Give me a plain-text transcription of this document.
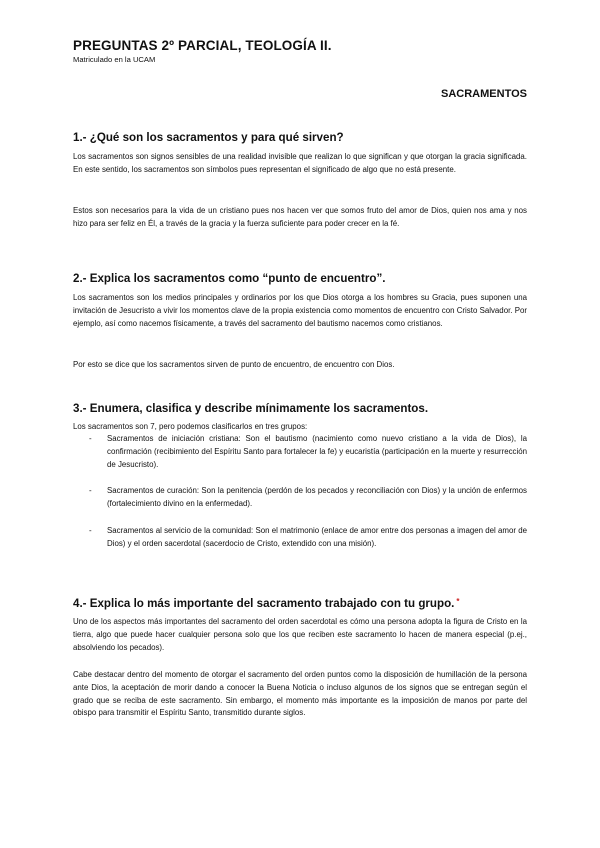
PREGUNTAS 2º PARCIAL, TEOLOGÍA II.
Matriculado en la UCAM
SACRAMENTOS
1.- ¿Qué son los sacramentos y para qué sirven?
Los sacramentos son signos sensibles de una realidad invisible que realizan lo que significan y que otorgan la gracia significada. En este sentido, los sacramentos son símbolos pues representan el significado de algo que no está presente.
Estos son necesarios para la vida de un cristiano pues nos hacen ver que somos fruto del amor de Dios, quien nos ama y nos hizo para ser feliz en Él, a través de la gracia y la fuerza suficiente para poder crecer en la fé.
2.- Explica los sacramentos como “punto de encuentro”.
Los sacramentos son los medios principales y ordinarios por los que Dios otorga a los hombres su Gracia, pues suponen una invitación de Jesucristo a vivir los momentos clave de la propia existencia como momentos de encuentro con Cristo Salvador. Por ejemplo, así como nacemos físicamente, a través del sacramento del bautismo nacemos como cristianos.
Por esto se dice que los sacramentos sirven de punto de encuentro, de encuentro con Dios.
3.- Enumera, clasifica y describe mínimamente los sacramentos.
Los sacramentos son 7, pero podemos clasificarlos en tres grupos:
- Sacramentos de iniciación cristiana: Son el bautismo (nacimiento como nuevo cristiano a la vida de Dios), la confirmación (recibimiento del Espíritu Santo para fortalecer la fe) y eucaristía (participación en la muerte y resurrección de Jesucristo).
- Sacramentos de curación: Son la penitencia (perdón de los pecados y reconciliación con Dios) y la unción de enfermos (fortalecimiento divino en la enfermedad).
- Sacramentos al servicio de la comunidad: Son el matrimonio (enlace de amor entre dos personas a imagen del amor de Dios) y el orden sacerdotal (sacerdocio de Cristo, extendido con una misión).
4.- Explica lo más importante del sacramento trabajado con tu grupo. *
Uno de los aspectos más importantes del sacramento del orden sacerdotal es cómo una persona adopta la figura de Cristo en la tierra, algo que puede hacer cualquier persona solo que los que reciben este sacramento lo hacen de manera especial (p.ej., absolviendo los pecados).
Cabe destacar dentro del momento de otorgar el sacramento del orden puntos como la disposición de humillación de la persona ante Dios, la aceptación de morir dando a conocer la Buena Noticia o incluso algunos de los signos que se entregan según el grado que se reciba de este sacramento. Sin embargo, el momento más importante es la imposición de manos por parte del obispo para transmitir el Espíritu Santo, transmitido durante siglos.
